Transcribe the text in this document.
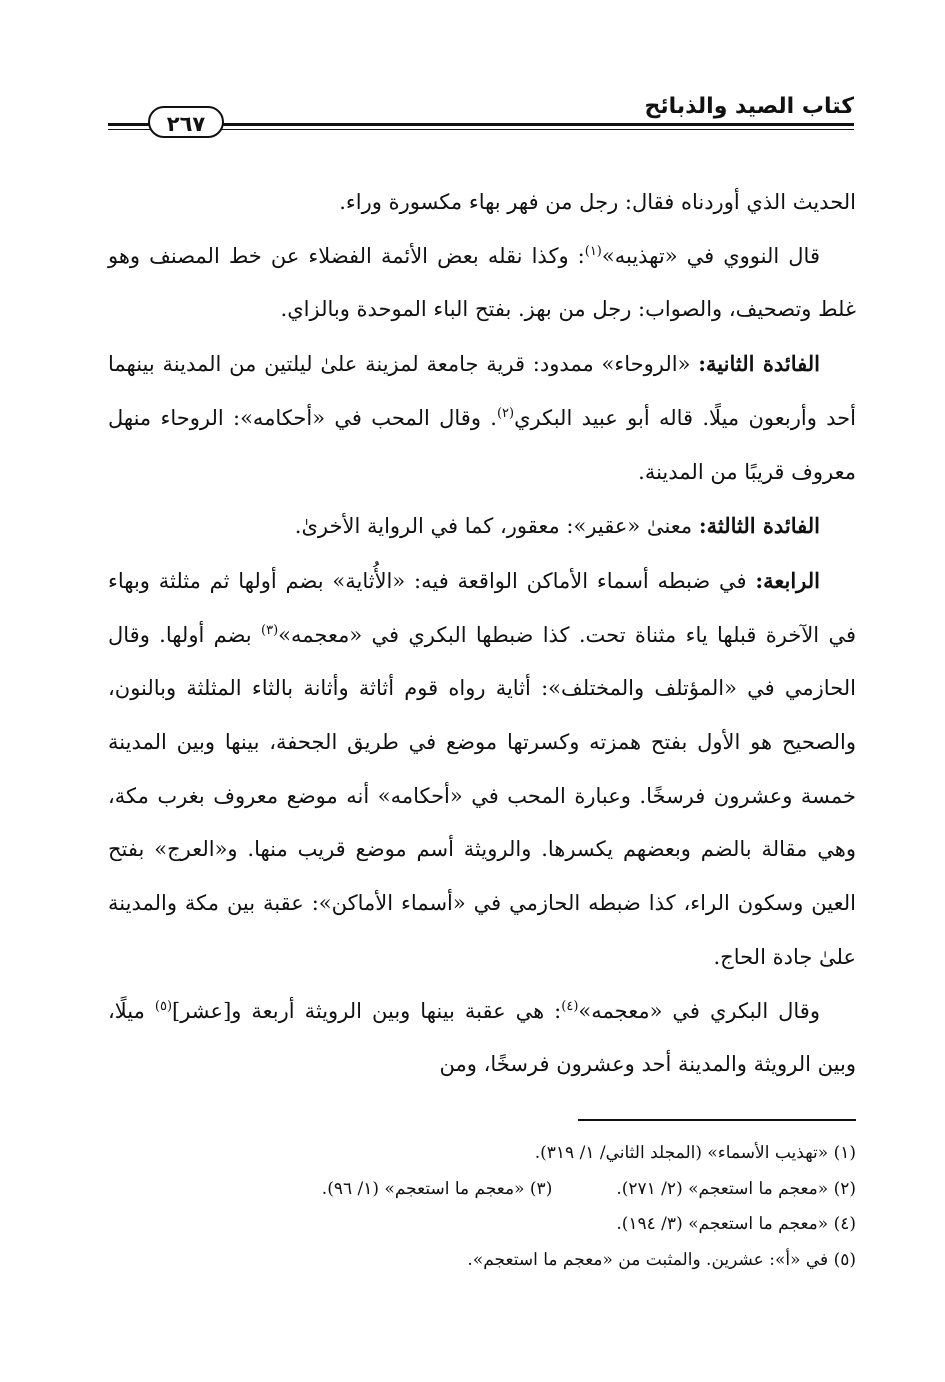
كتاب الصيد والذبائح
٢٦٧

الحديث الذي أوردناه فقال: رجل من فهر بهاء مكسورة وراء.

قال النووي في «تهذيبه»$^{(١)}$: وكذا نقله بعض الأئمة الفضلاء عن خط المصنف وهو غلط وتصحيف، والصواب: رجل من بهز. بفتح الباء الموحدة وبالزاي.

الفائدة الثانية: «الروحاء» ممدود: قرية جامعة لمزينة علىٰ ليلتين من المدينة بينهما أحد وأربعون ميلًا. قاله أبو عبيد البكري$^{(٢)}$. وقال المحب في «أحكامه»: الروحاء منهل معروف قريبًا من المدينة.

الفائدة الثالثة: معنىٰ «عقير»: معقور، كما في الرواية الأخرىٰ.

الرابعة: في ضبطه أسماء الأماكن الواقعة فيه: «الأُثاية» بضم أولها ثم مثلثة وبهاء في الآخرة قبلها ياء مثناة تحت. كذا ضبطها البكري في «معجمه»$^{(٣)}$ بضم أولها. وقال الحازمي في «المؤتلف والمختلف»: أثاية رواه قوم أثاثة وأثانة بالثاء المثلثة وبالنون، والصحيح هو الأول بفتح همزته وكسرتها موضع في طريق الجحفة، بينها وبين المدينة خمسة وعشرون فرسخًا. وعبارة المحب في «أحكامه» أنه موضع معروف بغرب مكة، وهي مقالة بالضم وبعضهم يكسرها. والرويثة أسم موضع قريب منها. و«العرج» بفتح العين وسكون الراء، كذا ضبطه الحازمي في «أسماء الأماكن»: عقبة بين مكة والمدينة علىٰ جادة الحاج.

وقال البكري في «معجمه»$^{(٤)}$: هي عقبة بينها وبين الرويثة أربعة و[عشر]$^{(٥)}$ ميلًا، وبين الرويثة والمدينة أحد وعشرون فرسخًا، ومن

(١) «تهذيب الأسماء» (المجلد الثاني/ ١/ ٣١٩).
(٢) «معجم ما استعجم» (٢/ ٢٧١).(٣) «معجم ما استعجم» (١/ ٩٦).
(٤) «معجم ما استعجم» (٣/ ١٩٤).
(٥) في «أ»: عشرين. والمثبت من «معجم ما استعجم».
